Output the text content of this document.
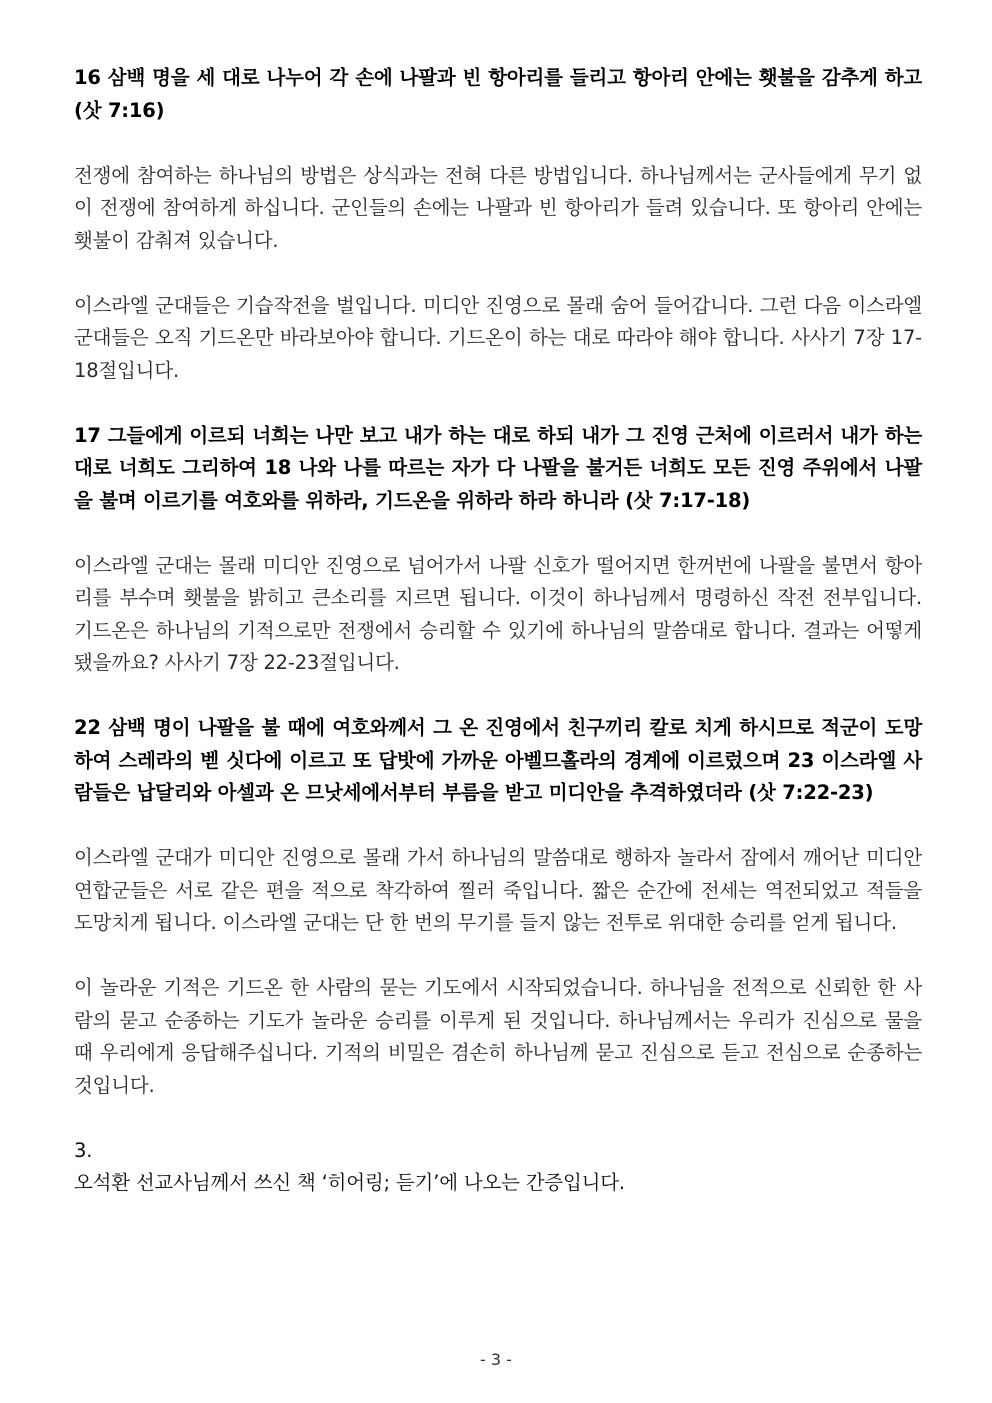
16 삼백 명을 세 대로 나누어 각 손에 나팔과 빈 항아리를 들리고 항아리 안에는 횃불을 감추게 하고 (삿 7:16)

전쟁에 참여하는 하나님의 방법은 상식과는 전혀 다른 방법입니다. 하나님께서는 군사들에게 무기 없이 전쟁에 참여하게 하십니다. 군인들의 손에는 나팔과 빈 항아리가 들려 있습니다. 또 항아리 안에는 횃불이 감춰져 있습니다.

이스라엘 군대들은 기습작전을 벌입니다. 미디안 진영으로 몰래 숨어 들어갑니다. 그런 다음 이스라엘 군대들은 오직 기드온만 바라보아야 합니다. 기드온이 하는 대로 따라야 해야 합니다. 사사기 7장 17-18절입니다.

17 그들에게 이르되 너희는 나만 보고 내가 하는 대로 하되 내가 그 진영 근처에 이르러서 내가 하는 대로 너희도 그리하여 18 나와 나를 따르는 자가 다 나팔을 불거든 너희도 모든 진영 주위에서 나팔을 불며 이르기를 여호와를 위하라, 기드온을 위하라 하라 하니라 (삿 7:17-18)

이스라엘 군대는 몰래 미디안 진영으로 넘어가서 나팔 신호가 떨어지면 한꺼번에 나팔을 불면서 항아리를 부수며 횃불을 밝히고 큰소리를 지르면 됩니다. 이것이 하나님께서 명령하신 작전 전부입니다. 기드온은 하나님의 기적으로만 전쟁에서 승리할 수 있기에 하나님의 말씀대로 합니다. 결과는 어떻게 됐을까요? 사사기 7장 22-23절입니다.

22 삼백 명이 나팔을 불 때에 여호와께서 그 온 진영에서 친구끼리 칼로 치게 하시므로 적군이 도망하여 스레라의 벧 싯다에 이르고 또 답밧에 가까운 아벨므홀라의 경계에 이르렀으며 23 이스라엘 사람들은 납달리와 아셀과 온 므낫세에서부터 부름을 받고 미디안을 추격하였더라 (삿 7:22-23)

이스라엘 군대가 미디안 진영으로 몰래 가서 하나님의 말씀대로 행하자 놀라서 잠에서 깨어난 미디안 연합군들은 서로 같은 편을 적으로 착각하여 찔러 죽입니다. 짧은 순간에 전세는 역전되었고 적들을 도망치게 됩니다. 이스라엘 군대는 단 한 번의 무기를 들지 않는 전투로 위대한 승리를 얻게 됩니다.

이 놀라운 기적은 기드온 한 사람의 묻는 기도에서 시작되었습니다. 하나님을 전적으로 신뢰한 한 사람의 묻고 순종하는 기도가 놀라운 승리를 이루게 된 것입니다. 하나님께서는 우리가 진심으로 물을 때 우리에게 응답해주십니다. 기적의 비밀은 겸손히 하나님께 묻고 진심으로 듣고 전심으로 순종하는 것입니다.

3.
오석환 선교사님께서 쓰신 책 ‘히어링; 듣기’에 나오는 간증입니다.
- 3 -
